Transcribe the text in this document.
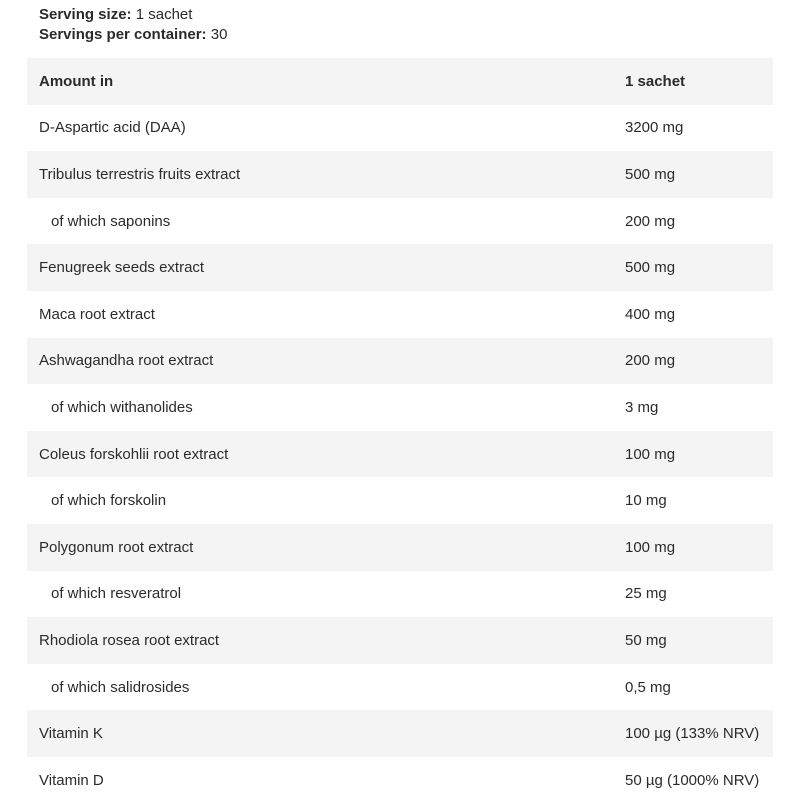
Serving size: 1 sachet
Servings per container: 30
Amount in	1 sachet
D-Aspartic acid (DAA)	3200 mg
Tribulus terrestris fruits extract	500 mg
of which saponins	200 mg
Fenugreek seeds extract	500 mg
Maca root extract	400 mg
Ashwagandha root extract	200 mg
of which withanolides	3 mg
Coleus forskohlii root extract	100 mg
of which forskolin	10 mg
Polygonum root extract	100 mg
of which resveratrol	25 mg
Rhodiola rosea root extract	50 mg
of which salidrosides	0,5 mg
Vitamin K	100 µg (133% NRV)
Vitamin D	50 µg (1000% NRV)
